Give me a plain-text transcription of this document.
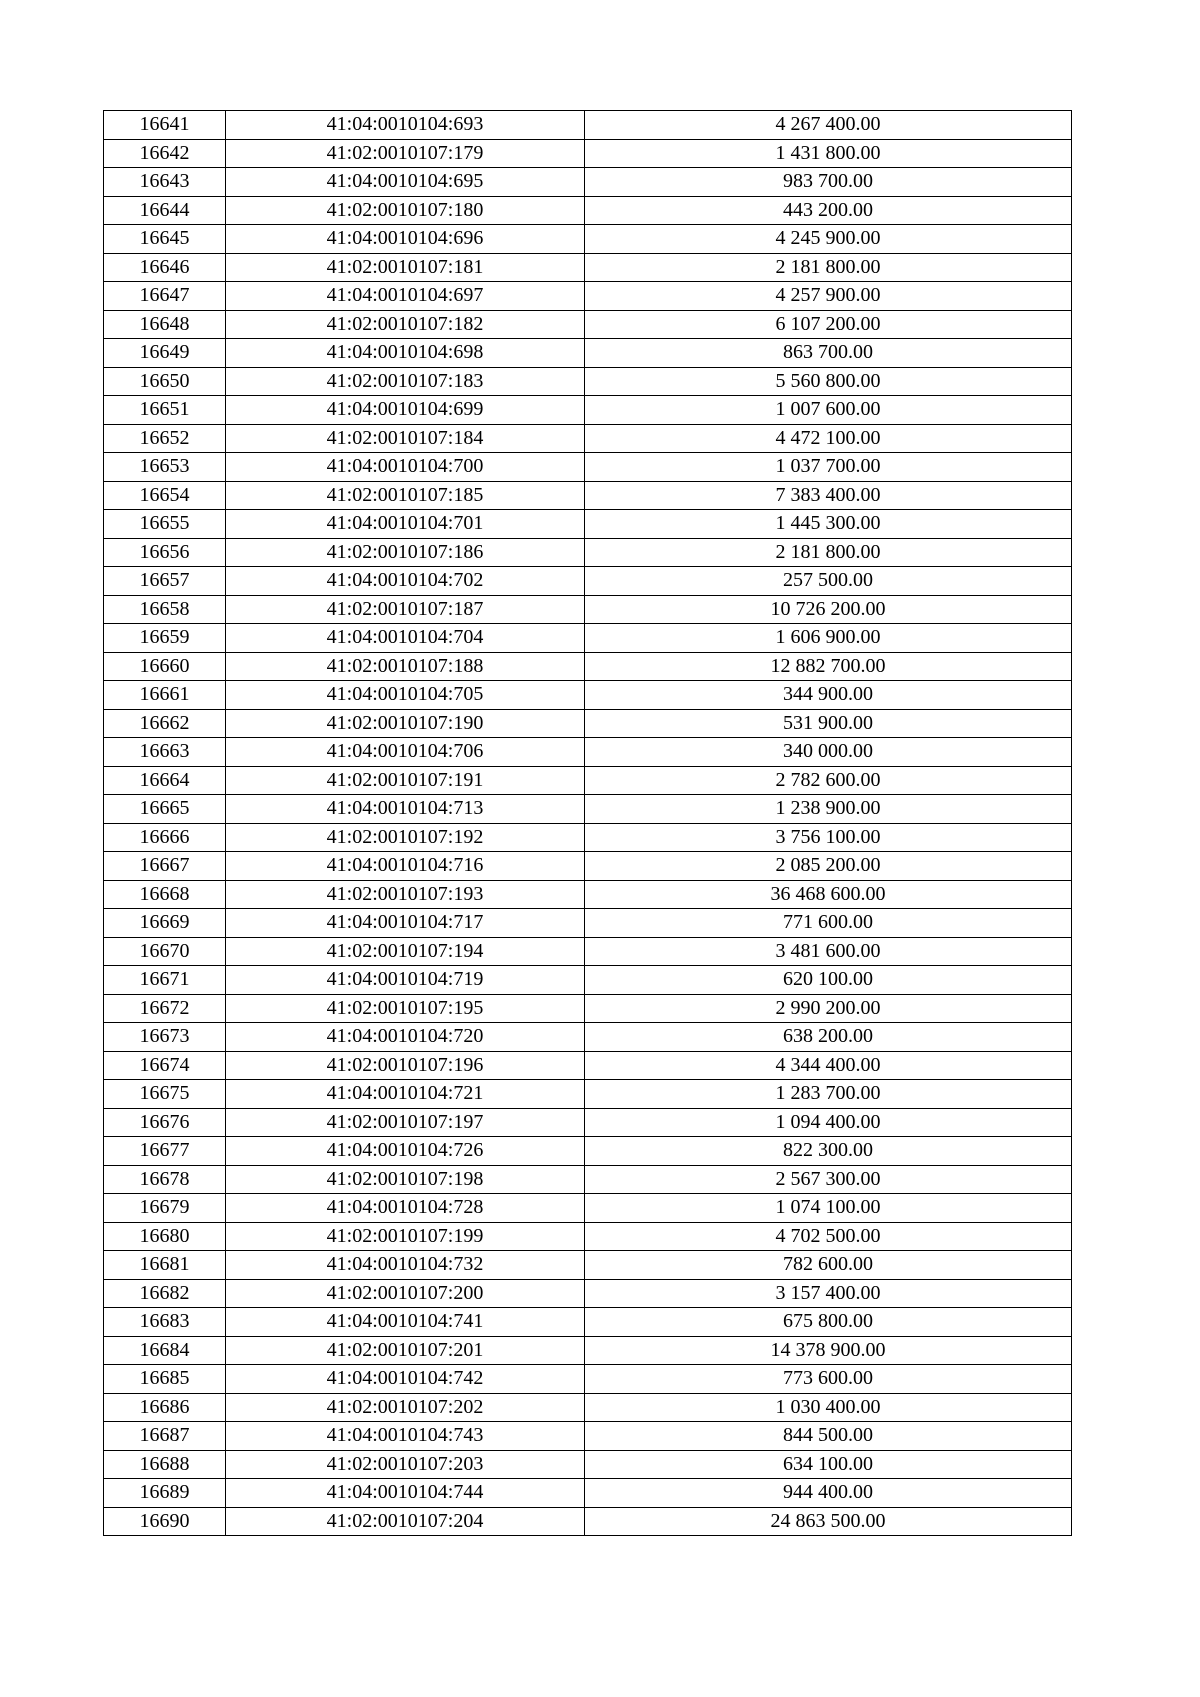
16641	41:04:0010104:693	4 267 400.00
16642	41:02:0010107:179	1 431 800.00
16643	41:04:0010104:695	983 700.00
16644	41:02:0010107:180	443 200.00
16645	41:04:0010104:696	4 245 900.00
16646	41:02:0010107:181	2 181 800.00
16647	41:04:0010104:697	4 257 900.00
16648	41:02:0010107:182	6 107 200.00
16649	41:04:0010104:698	863 700.00
16650	41:02:0010107:183	5 560 800.00
16651	41:04:0010104:699	1 007 600.00
16652	41:02:0010107:184	4 472 100.00
16653	41:04:0010104:700	1 037 700.00
16654	41:02:0010107:185	7 383 400.00
16655	41:04:0010104:701	1 445 300.00
16656	41:02:0010107:186	2 181 800.00
16657	41:04:0010104:702	257 500.00
16658	41:02:0010107:187	10 726 200.00
16659	41:04:0010104:704	1 606 900.00
16660	41:02:0010107:188	12 882 700.00
16661	41:04:0010104:705	344 900.00
16662	41:02:0010107:190	531 900.00
16663	41:04:0010104:706	340 000.00
16664	41:02:0010107:191	2 782 600.00
16665	41:04:0010104:713	1 238 900.00
16666	41:02:0010107:192	3 756 100.00
16667	41:04:0010104:716	2 085 200.00
16668	41:02:0010107:193	36 468 600.00
16669	41:04:0010104:717	771 600.00
16670	41:02:0010107:194	3 481 600.00
16671	41:04:0010104:719	620 100.00
16672	41:02:0010107:195	2 990 200.00
16673	41:04:0010104:720	638 200.00
16674	41:02:0010107:196	4 344 400.00
16675	41:04:0010104:721	1 283 700.00
16676	41:02:0010107:197	1 094 400.00
16677	41:04:0010104:726	822 300.00
16678	41:02:0010107:198	2 567 300.00
16679	41:04:0010104:728	1 074 100.00
16680	41:02:0010107:199	4 702 500.00
16681	41:04:0010104:732	782 600.00
16682	41:02:0010107:200	3 157 400.00
16683	41:04:0010104:741	675 800.00
16684	41:02:0010107:201	14 378 900.00
16685	41:04:0010104:742	773 600.00
16686	41:02:0010107:202	1 030 400.00
16687	41:04:0010104:743	844 500.00
16688	41:02:0010107:203	634 100.00
16689	41:04:0010104:744	944 400.00
16690	41:02:0010107:204	24 863 500.00
